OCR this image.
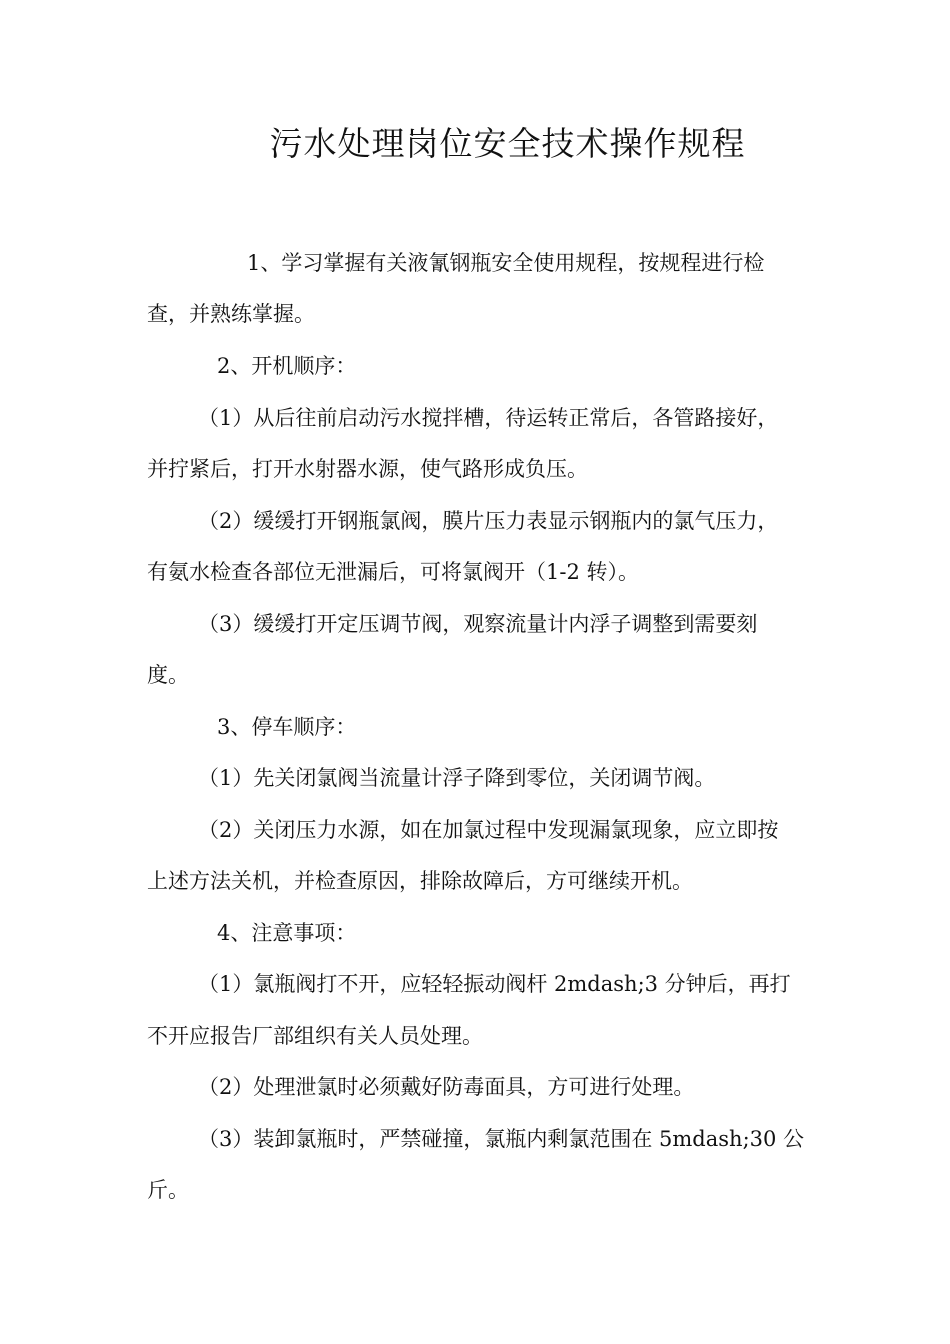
污水处理岗位安全技术操作规程
1、学习掌握有关液氰钢瓶安全使用规程，按规程进行检
查，并熟练掌握。
2、开机顺序：
（1）从后往前启动污水搅拌槽，待运转正常后，各管路接好，
并拧紧后，打开水射器水源，使气路形成负压。
（2）缓缓打开钢瓶氯阀，膜片压力表显示钢瓶内的氯气压力，
有氨水检查各部位无泄漏后，可将氯阀开（1-2 转）。
（3）缓缓打开定压调节阀，观察流量计内浮子调整到需要刻
度。
3、停车顺序：
（1）先关闭氯阀当流量计浮子降到零位，关闭调节阀。
（2）关闭压力水源，如在加氯过程中发现漏氯现象，应立即按
上述方法关机，并检查原因，排除故障后，方可继续开机。
4、注意事项：
（1）氯瓶阀打不开，应轻轻振动阀杆 2mdash;3 分钟后，再打
不开应报告厂部组织有关人员处理。
（2）处理泄氯时必须戴好防毒面具，方可进行处理。
（3）装卸氯瓶时，严禁碰撞，氯瓶内剩氯范围在 5mdash;30 公
斤。
